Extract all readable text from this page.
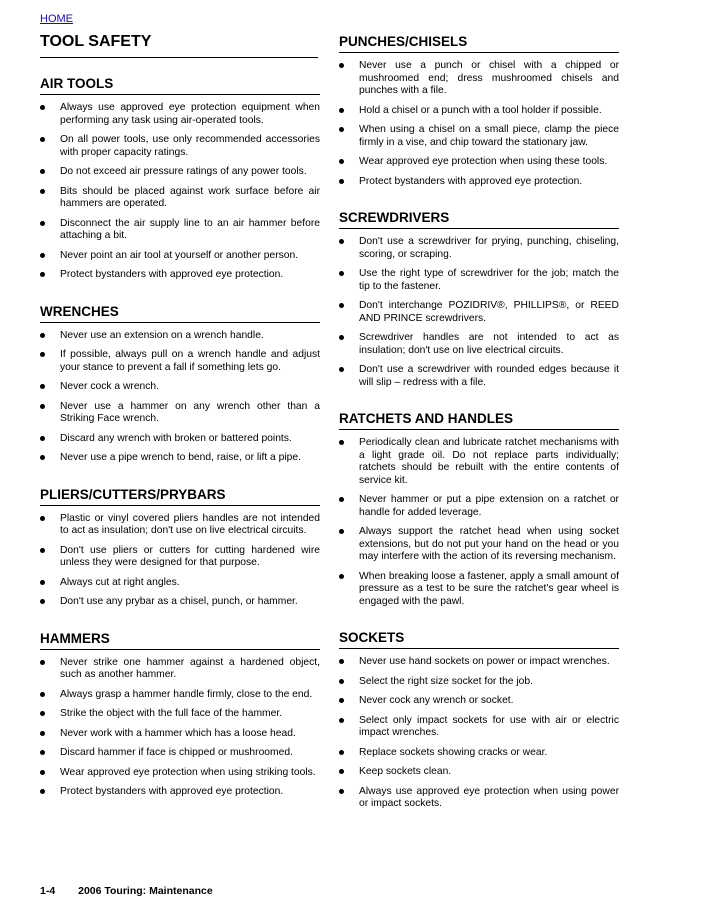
HOME
TOOL SAFETY
AIR TOOLS
Always use approved eye protection equipment when performing any task using air-operated tools.
On all power tools, use only recommended accessories with proper capacity ratings.
Do not exceed air pressure ratings of any power tools.
Bits should be placed against work surface before air hammers are operated.
Disconnect the air supply line to an air hammer before attaching a bit.
Never point an air tool at yourself or another person.
Protect bystanders with approved eye protection.
WRENCHES
Never use an extension on a wrench handle.
If possible, always pull on a wrench handle and adjust your stance to prevent a fall if something lets go.
Never cock a wrench.
Never use a hammer on any wrench other than a Striking Face wrench.
Discard any wrench with broken or battered points.
Never use a pipe wrench to bend, raise, or lift a pipe.
PLIERS/CUTTERS/PRYBARS
Plastic or vinyl covered pliers handles are not intended to act as insulation; don't use on live electrical circuits.
Don't use pliers or cutters for cutting hardened wire unless they were designed for that purpose.
Always cut at right angles.
Don't use any prybar as a chisel, punch, or hammer.
HAMMERS
Never strike one hammer against a hardened object, such as another hammer.
Always grasp a hammer handle firmly, close to the end.
Strike the object with the full face of the hammer.
Never work with a hammer which has a loose head.
Discard hammer if face is chipped or mushroomed.
Wear approved eye protection when using striking tools.
Protect bystanders with approved eye protection.
PUNCHES/CHISELS
Never use a punch or chisel with a chipped or mushroomed end; dress mushroomed chisels and punches with a file.
Hold a chisel or a punch with a tool holder if possible.
When using a chisel on a small piece, clamp the piece firmly in a vise, and chip toward the stationary jaw.
Wear approved eye protection when using these tools.
Protect bystanders with approved eye protection.
SCREWDRIVERS
Don't use a screwdriver for prying, punching, chiseling, scoring, or scraping.
Use the right type of screwdriver for the job; match the tip to the fastener.
Don't interchange POZIDRIV®, PHILLIPS®, or REED AND PRINCE screwdrivers.
Screwdriver handles are not intended to act as insulation; don't use on live electrical circuits.
Don't use a screwdriver with rounded edges because it will slip – redress with a file.
RATCHETS AND HANDLES
Periodically clean and lubricate ratchet mechanisms with a light grade oil. Do not replace parts individually; ratchets should be rebuilt with the entire contents of service kit.
Never hammer or put a pipe extension on a ratchet or handle for added leverage.
Always support the ratchet head when using socket extensions, but do not put your hand on the head or you may interfere with the action of its reversing mechanism.
When breaking loose a fastener, apply a small amount of pressure as a test to be sure the ratchet's gear wheel is engaged with the pawl.
SOCKETS
Never use hand sockets on power or impact wrenches.
Select the right size socket for the job.
Never cock any wrench or socket.
Select only impact sockets for use with air or electric impact wrenches.
Replace sockets showing cracks or wear.
Keep sockets clean.
Always use approved eye protection when using power or impact sockets.
1-4 2006 Touring: Maintenance
